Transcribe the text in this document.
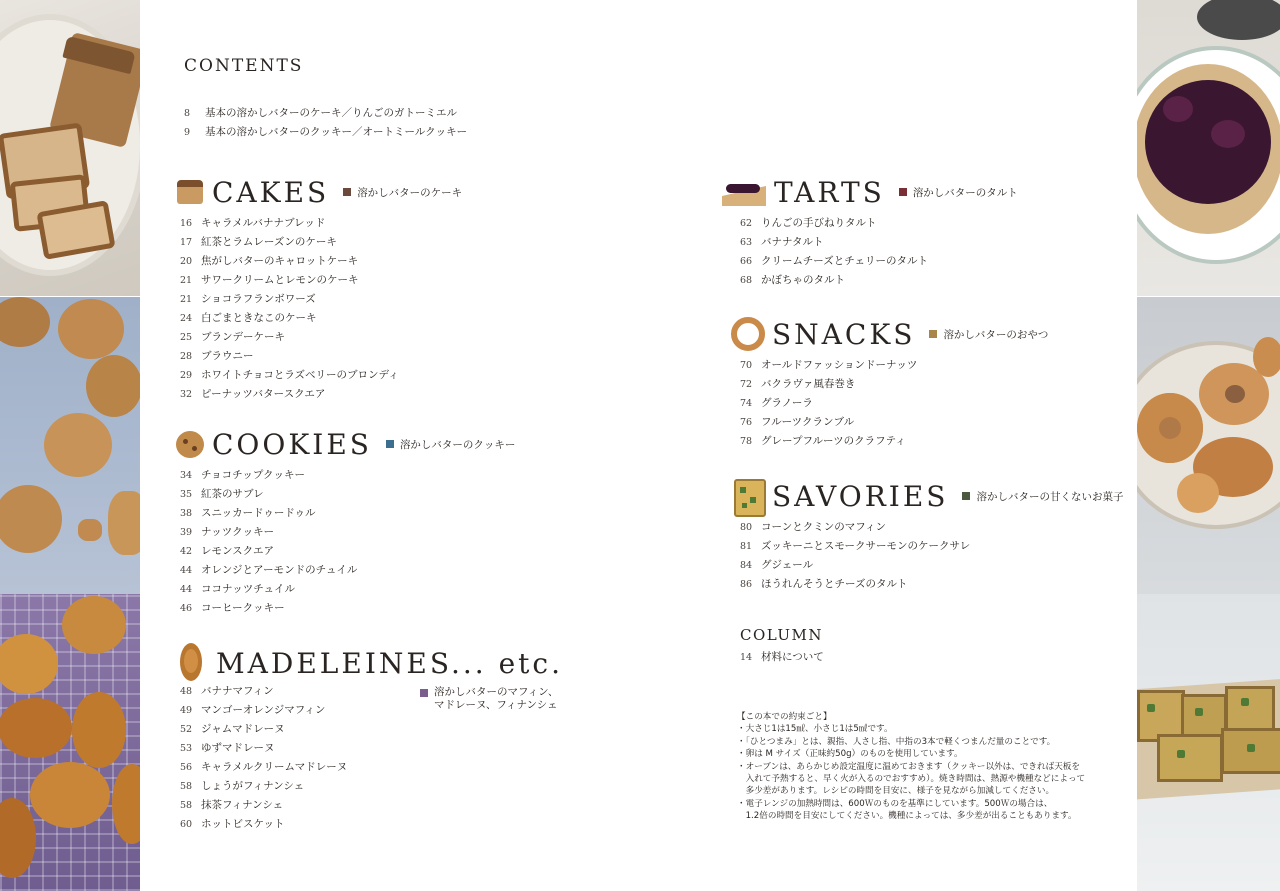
CONTENTS
8	基本の溶かしバターのケーキ／りんごのガトーミエル
9	基本の溶かしバターのクッキー／オートミールクッキー
CAKES	溶かしバターのケーキ
16 キャラメルバナナブレッド
17 紅茶とラムレーズンのケーキ
20 焦がしバターのキャロットケーキ
21 サワークリームとレモンのケーキ
21 ショコラフランボワーズ
24 白ごまときなこのケーキ
25 ブランデーケーキ
28 ブラウニー
29 ホワイトチョコとラズベリーのブロンディ
32 ピーナッツバタースクエア
COOKIES	溶かしバターのクッキー
34 チョコチップクッキー
35 紅茶のサブレ
38 スニッカードゥードゥル
39 ナッツクッキー
42 レモンスクエア
44 オレンジとアーモンドのチュイル
44 ココナッツチュイル
46 コーヒークッキー
MADELEINES... etc.
48 バナナマフィン
49 マンゴーオレンジマフィン
52 ジャムマドレーヌ
53 ゆずマドレーヌ
56 キャラメルクリームマドレーヌ
58 しょうがフィナンシェ
58 抹茶フィナンシェ
60 ホットビスケット
溶かしバターのマフィン、
マドレーヌ、フィナンシェ
TARTS	溶かしバターのタルト
62 りんごの手びねりタルト
63 バナナタルト
66 クリームチーズとチェリーのタルト
68 かぼちゃのタルト
SNACKS	溶かしバターのおやつ
70 オールドファッションドーナッツ
72 バクラヴァ風春巻き
74 グラノーラ
76 フルーツクランブル
78 グレープフルーツのクラフティ
SAVORIES	溶かしバターの甘くないお菓子
80 コーンとクミンのマフィン
81 ズッキーニとスモークサーモンのケークサレ
84 グジェール
86 ほうれんそうとチーズのタルト
COLUMN
14 材料について
【この本での約束ごと】
・大さじ1は15㎖、小さじ1は5㎖です。
・「ひとつまみ」とは、親指、人さし指、中指の3本で軽くつまんだ量のことです。
・卵は M サイズ（正味約50g）のものを使用しています。
・オーブンは、あらかじめ設定温度に温めておきます（クッキー以外は、できれば天板を
　入れて予熱すると、早く火が入るのでおすすめ）。焼き時間は、熱源や機種などによって
　多少差があります。レシピの時間を目安に、様子を見ながら加減してください。
・電子レンジの加熱時間は、600Ｗのものを基準にしています。500Ｗの場合は、
　1.2倍の時間を目安にしてください。機種によっては、多少差が出ることもあります。
